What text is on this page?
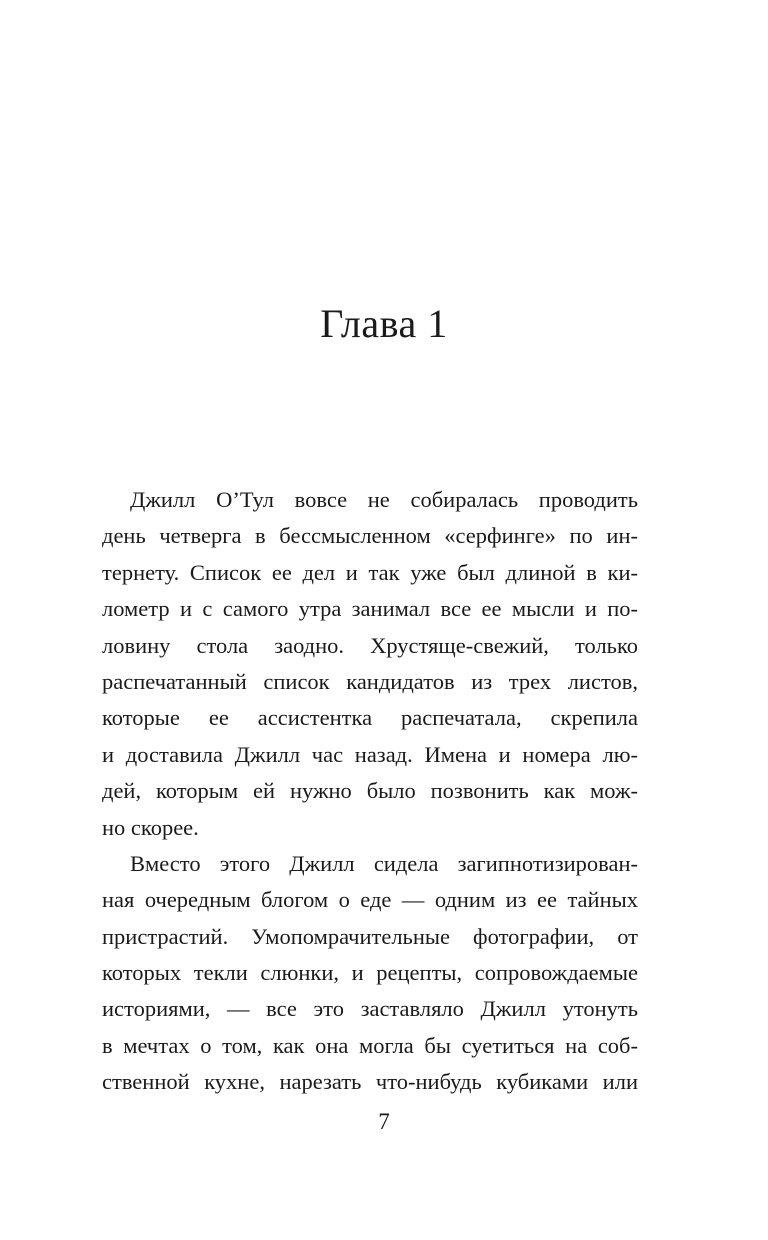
Глава 1
Джилл О’Тул вовсе не собиралась проводить
день четверга в бессмысленном «серфинге» по ин-
тернету. Список ее дел и так уже был длиной в ки-
лометр и с самого утра занимал все ее мысли и по-
ловину стола заодно. Хрустяще-свежий, только
распечатанный список кандидатов из трех листов,
которые ее ассистентка распечатала, скрепила
и доставила Джилл час назад. Имена и номера лю-
дей, которым ей нужно было позвонить как мож-
но скорее.
Вместо этого Джилл сидела загипнотизирован-
ная очередным блогом о еде — одним из ее тайных
пристрастий. Умопомрачительные фотографии, от
которых текли слюнки, и рецепты, сопровождаемые
историями, — все это заставляло Джилл утонуть
в мечтах о том, как она могла бы суетиться на соб-
ственной кухне, нарезать что-нибудь кубиками или
7
